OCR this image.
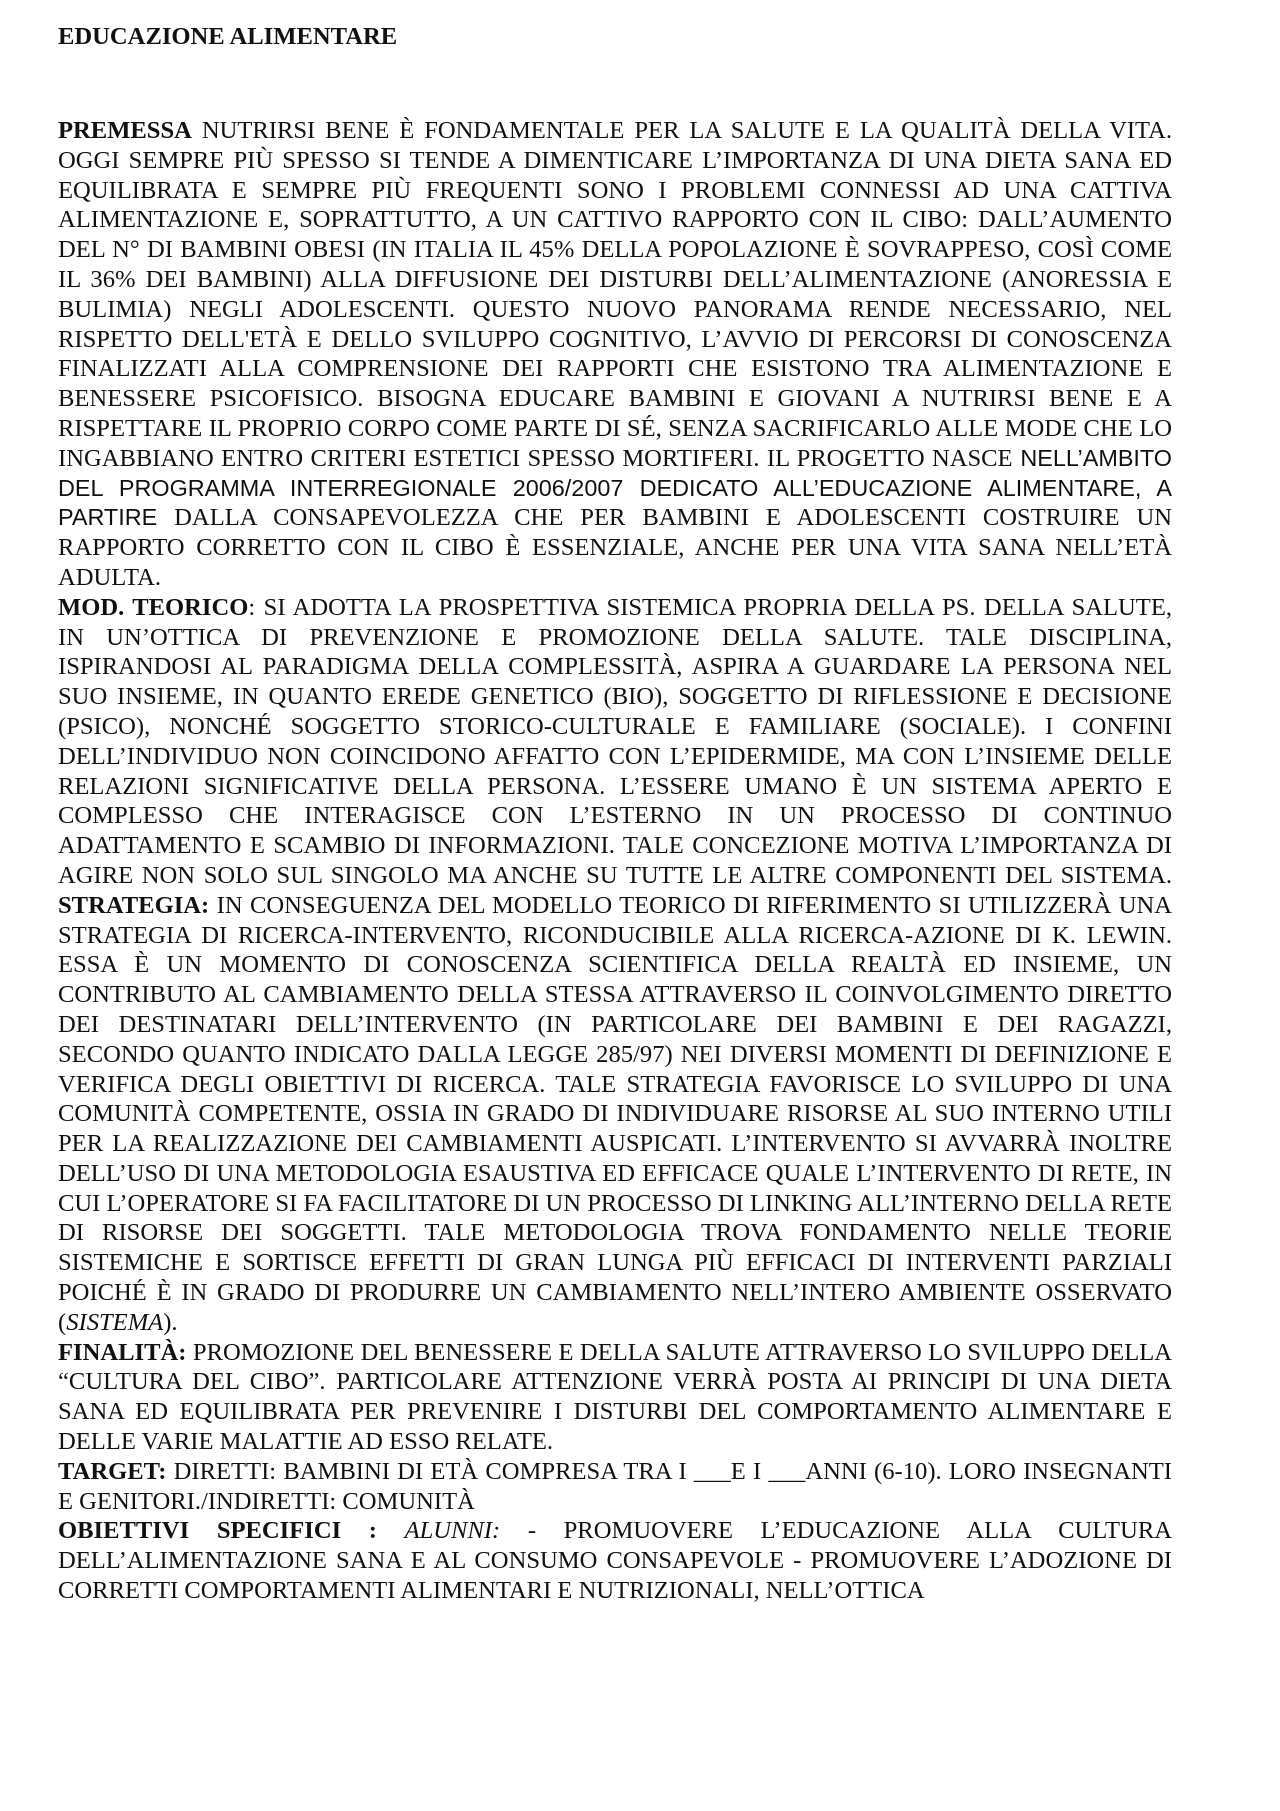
EDUCAZIONE ALIMENTARE

PREMESSA NUTRIRSI BENE È FONDAMENTALE PER LA SALUTE E LA QUALITÀ DELLA VITA. OGGI SEMPRE PIÙ SPESSO SI TENDE A DIMENTICARE L’IMPORTANZA DI UNA DIETA SANA ED EQUILIBRATA E SEMPRE PIÙ FREQUENTI SONO I PROBLEMI CONNESSI AD UNA CATTIVA ALIMENTAZIONE E, SOPRATTUTTO, A UN CATTIVO RAPPORTO CON IL CIBO: DALL’AUMENTO DEL N° DI BAMBINI OBESI (IN ITALIA IL 45% DELLA POPOLAZIONE È SOVRAPPESO, COSÌ COME IL 36% DEI BAMBINI) ALLA DIFFUSIONE DEI DISTURBI DELL’ALIMENTAZIONE (ANORESSIA E BULIMIA) NEGLI ADOLESCENTI. QUESTO NUOVO PANORAMA RENDE NECESSARIO, NEL RISPETTO DELL'ETÀ E DELLO SVILUPPO COGNITIVO, L’AVVIO DI PERCORSI DI CONOSCENZA FINALIZZATI ALLA COMPRENSIONE DEI RAPPORTI CHE ESISTONO TRA ALIMENTAZIONE E BENESSERE PSICOFISICO. BISOGNA EDUCARE BAMBINI E GIOVANI A NUTRIRSI BENE E A RISPETTARE IL PROPRIO CORPO COME PARTE DI SÉ, SENZA SACRIFICARLO ALLE MODE CHE LO INGABBIANO ENTRO CRITERI ESTETICI SPESSO MORTIFERI. IL PROGETTO NASCE NELL’AMBITO DEL PROGRAMMA INTERREGIONALE 2006/2007 DEDICATO ALL’EDUCAZIONE ALIMENTARE, A PARTIRE DALLA CONSAPEVOLEZZA CHE PER BAMBINI E ADOLESCENTI COSTRUIRE UN RAPPORTO CORRETTO CON IL CIBO È ESSENZIALE, ANCHE PER UNA VITA SANA NELL’ETÀ ADULTA.

MOD. TEORICO: SI ADOTTA LA PROSPETTIVA SISTEMICA PROPRIA DELLA PS. DELLA SALUTE, IN UN’OTTICA DI PREVENZIONE E PROMOZIONE DELLA SALUTE. TALE DISCIPLINA, ISPIRANDOSI AL PARADIGMA DELLA COMPLESSITÀ, ASPIRA A GUARDARE LA PERSONA NEL SUO INSIEME, IN QUANTO EREDE GENETICO (BIO), SOGGETTO DI RIFLESSIONE E DECISIONE (PSICO), NONCHÉ SOGGETTO STORICO-CULTURALE E FAMILIARE (SOCIALE). I CONFINI DELL’INDIVIDUO NON COINCIDONO AFFATTO CON L’EPIDERMIDE, MA CON L’INSIEME DELLE RELAZIONI SIGNIFICATIVE DELLA PERSONA. L’ESSERE UMANO È UN SISTEMA APERTO E COMPLESSO CHE INTERAGISCE CON L’ESTERNO IN UN PROCESSO DI CONTINUO ADATTAMENTO E SCAMBIO DI INFORMAZIONI. TALE CONCEZIONE MOTIVA L’IMPORTANZA DI AGIRE NON SOLO SUL SINGOLO MA ANCHE SU TUTTE LE ALTRE COMPONENTI DEL SISTEMA. STRATEGIA: IN CONSEGUENZA DEL MODELLO TEORICO DI RIFERIMENTO SI UTILIZZERÀ UNA STRATEGIA DI RICERCA-INTERVENTO, RICONDUCIBILE ALLA RICERCA-AZIONE DI K. LEWIN. ESSA È UN MOMENTO DI CONOSCENZA SCIENTIFICA DELLA REALTÀ ED INSIEME, UN CONTRIBUTO AL CAMBIAMENTO DELLA STESSA ATTRAVERSO IL COINVOLGIMENTO DIRETTO DEI DESTINATARI DELL’INTERVENTO (IN PARTICOLARE DEI BAMBINI E DEI RAGAZZI, SECONDO QUANTO INDICATO DALLA LEGGE 285/97) NEI DIVERSI MOMENTI DI DEFINIZIONE E VERIFICA DEGLI OBIETTIVI DI RICERCA. TALE STRATEGIA FAVORISCE LO SVILUPPO DI UNA COMUNITÀ COMPETENTE, OSSIA IN GRADO DI INDIVIDUARE RISORSE AL SUO INTERNO UTILI PER LA REALIZZAZIONE DEI CAMBIAMENTI AUSPICATI. L’INTERVENTO SI AVVARRÀ INOLTRE DELL’USO DI UNA METODOLOGIA ESAUSTIVA ED EFFICACE QUALE L’INTERVENTO DI RETE, IN CUI L’OPERATORE SI FA FACILITATORE DI UN PROCESSO DI LINKING ALL’INTERNO DELLA RETE DI RISORSE DEI SOGGETTI. TALE METODOLOGIA TROVA FONDAMENTO NELLE TEORIE SISTEMICHE E SORTISCE EFFETTI DI GRAN LUNGA PIÙ EFFICACI DI INTERVENTI PARZIALI POICHÉ È IN GRADO DI PRODURRE UN CAMBIAMENTO NELL’INTERO AMBIENTE OSSERVATO (SISTEMA).

FINALITÀ: PROMOZIONE DEL BENESSERE E DELLA SALUTE ATTRAVERSO LO SVILUPPO DELLA “CULTURA DEL CIBO”. PARTICOLARE ATTENZIONE VERRÀ POSTA AI PRINCIPI DI UNA DIETA SANA ED EQUILIBRATA PER PREVENIRE I DISTURBI DEL COMPORTAMENTO ALIMENTARE E DELLE VARIE MALATTIE AD ESSO RELATE.

TARGET: DIRETTI: BAMBINI DI ETÀ COMPRESA TRA I ___E I ___ANNI (6-10). LORO INSEGNANTI E GENITORI./INDIRETTI: COMUNITÀ

OBIETTIVI SPECIFICI : ALUNNI: - PROMUOVERE L’EDUCAZIONE ALLA CULTURA DELL’ALIMENTAZIONE SANA E AL CONSUMO CONSAPEVOLE - PROMUOVERE L’ADOZIONE DI CORRETTI COMPORTAMENTI ALIMENTARI E NUTRIZIONALI, NELL’OTTICA
